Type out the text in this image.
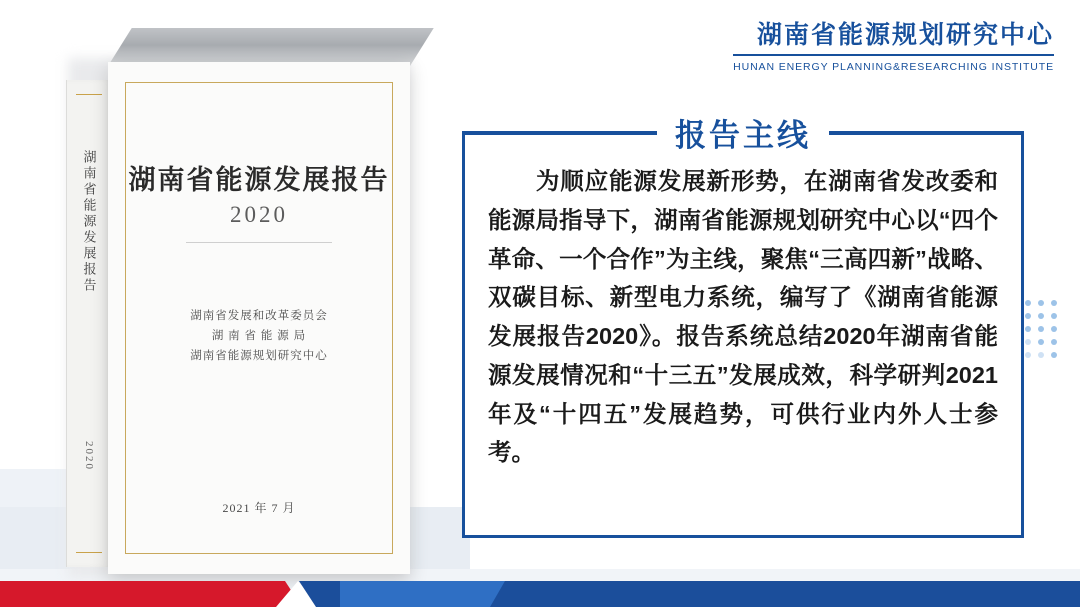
湖南省能源规划研究中心
HUNAN ENERGY PLANNING&RESEARCHING INSTITUTE
湖南省能源发展报告
2020
湖南省能源发展报告
2020
湖南省发展和改革委员会
湖 南 省 能 源 局
湖南省能源规划研究中心
2021 年 7 月
报告主线
为顺应能源发展新形势，在湖南省发改委和能源局指导下，湖南省能源规划研究中心以“四个革命、一个合作”为主线，聚焦“三高四新”战略、双碳目标、新型电力系统，编写了《湖南省能源发展报告2020》。报告系统总结2020年湖南省能源发展情况和“十三五”发展成效，科学研判2021年及“十四五”发展趋势，可供行业内外人士参考。
